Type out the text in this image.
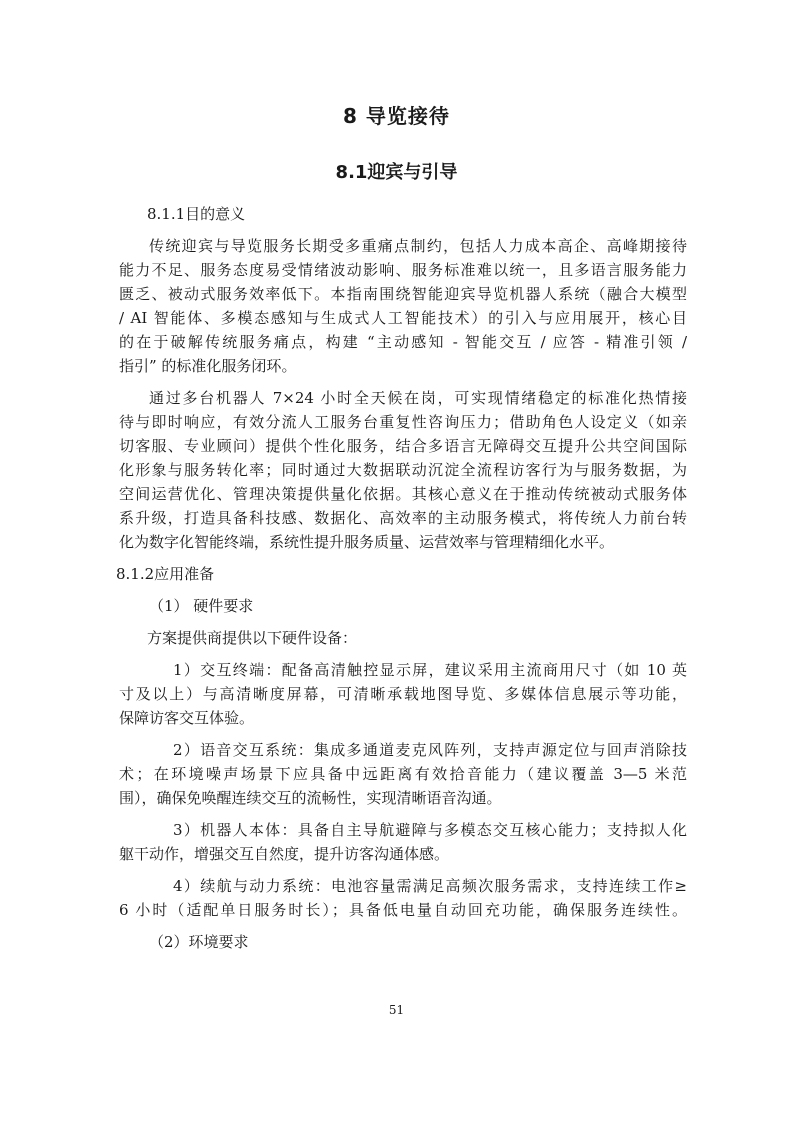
8 导览接待
8.1迎宾与引导
8.1.1目的意义
传统迎宾与导览服务长期受多重痛点制约，包括人力成本高企、高峰期接待
能力不足、服务态度易受情绪波动影响、服务标准难以统一，且多语言服务能力
匮乏、被动式服务效率低下。本指南围绕智能迎宾导览机器人系统（融合大模型
/ AI 智能体、多模态感知与生成式人工智能技术）的引入与应用展开，核心目
的在于破解传统服务痛点，构建 “主动感知 - 智能交互 / 应答 - 精准引领 /
指引” 的标准化服务闭环。
通过多台机器人 7×24 小时全天候在岗，可实现情绪稳定的标准化热情接
待与即时响应，有效分流人工服务台重复性咨询压力；借助角色人设定义（如亲
切客服、专业顾问）提供个性化服务，结合多语言无障碍交互提升公共空间国际
化形象与服务转化率；同时通过大数据联动沉淀全流程访客行为与服务数据，为
空间运营优化、管理决策提供量化依据。其核心意义在于推动传统被动式服务体
系升级，打造具备科技感、数据化、高效率的主动服务模式，将传统人力前台转
化为数字化智能终端，系统性提升服务质量、运营效率与管理精细化水平。
8.1.2应用准备
（1） 硬件要求
方案提供商提供以下硬件设备：
1）交互终端：配备高清触控显示屏，建议采用主流商用尺寸（如 10 英
寸及以上）与高清晰度屏幕，可清晰承载地图导览、多媒体信息展示等功能，
保障访客交互体验。
2）语音交互系统：集成多通道麦克风阵列，支持声源定位与回声消除技
术；在环境噪声场景下应具备中远距离有效拾音能力（建议覆盖 3—5 米范
围），确保免唤醒连续交互的流畅性，实现清晰语音沟通。
3）机器人本体：具备自主导航避障与多模态交互核心能力；支持拟人化
躯干动作，增强交互自然度，提升访客沟通体感。
4）续航与动力系统：电池容量需满足高频次服务需求，支持连续工作≥
6 小时（适配单日服务时长）；具备低电量自动回充功能，确保服务连续性。
（2）环境要求
51
